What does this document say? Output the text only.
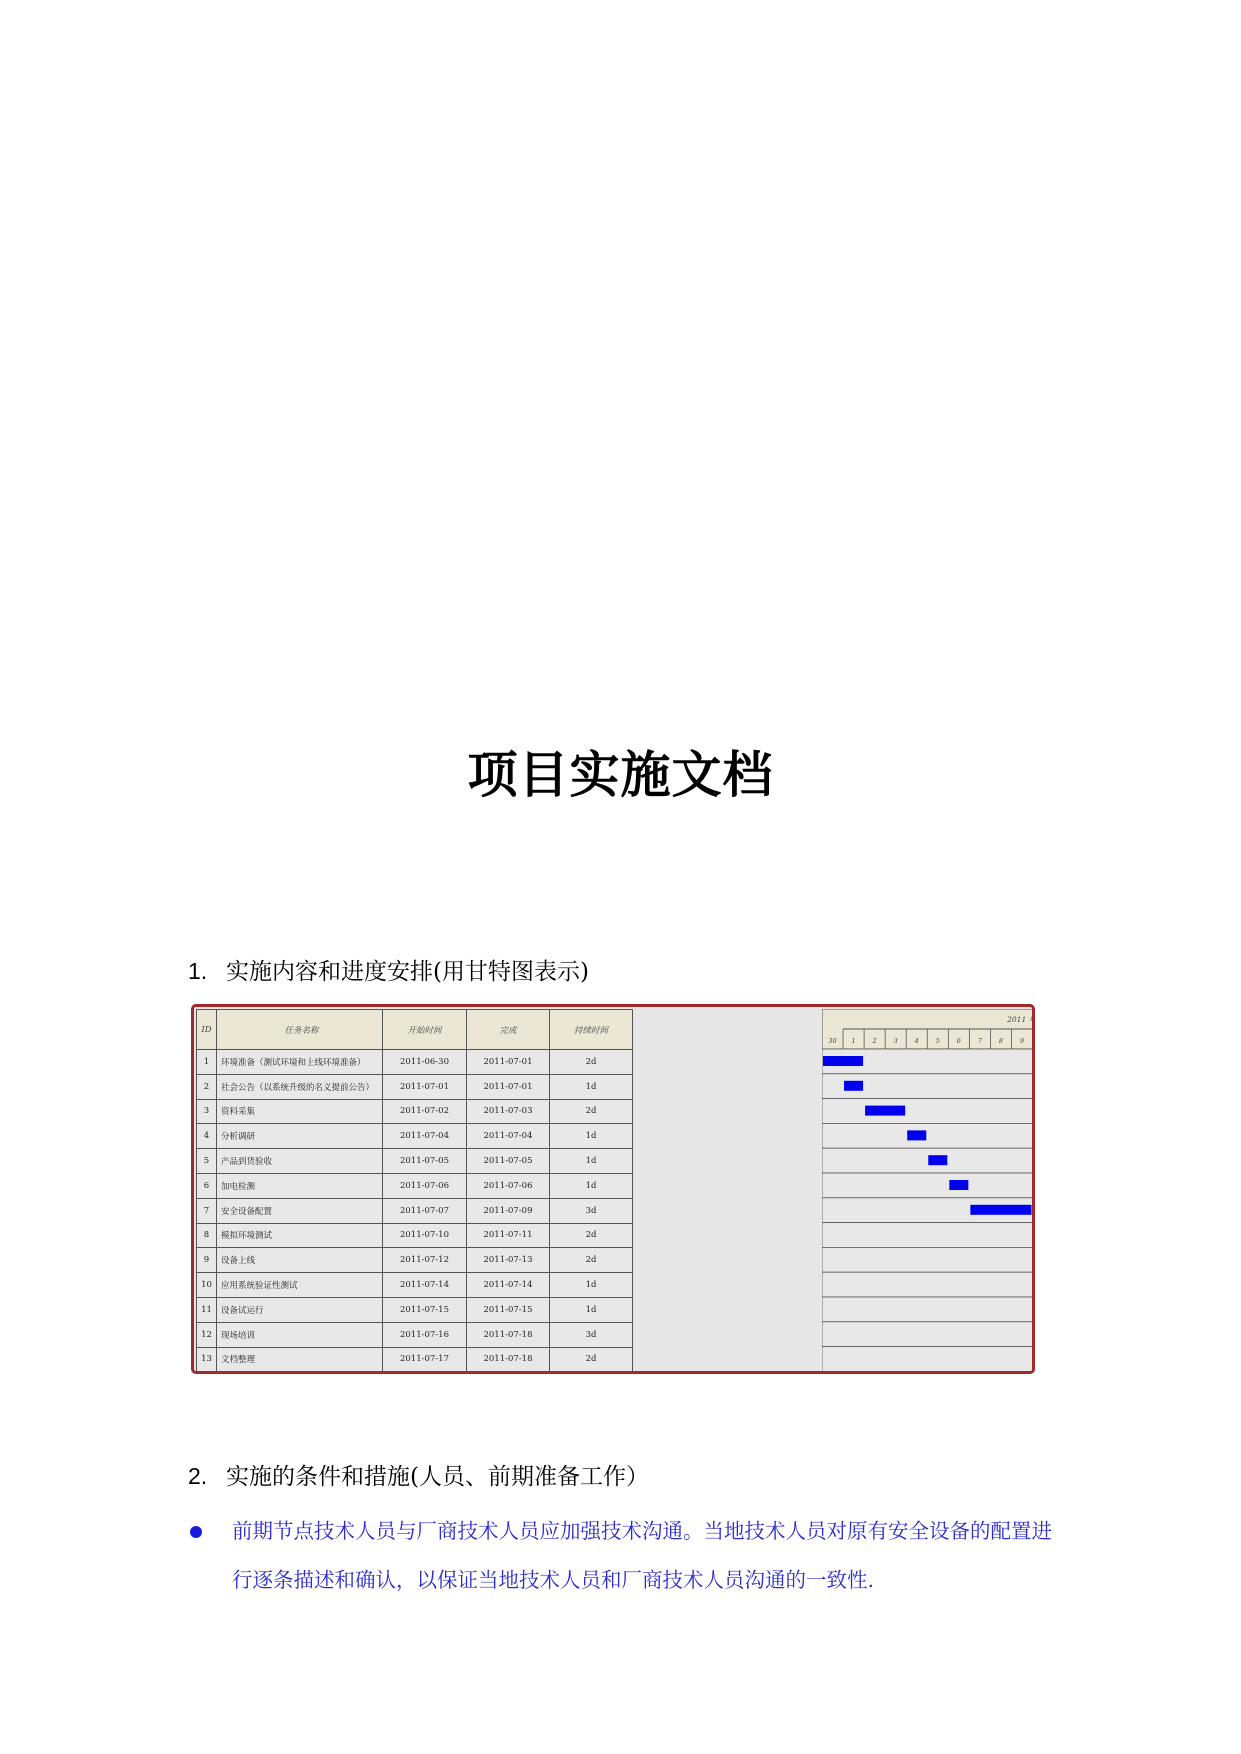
项目实施文档
1. 实施内容和进度安排(用甘特图表示)
ID	任务名称	开始时间	完成	持续时间
1	环境准备（测试环境和上线环境准备）	2011-06-30	2011-07-01	2d
2	社会公告（以系统升级的名义提前公告）	2011-07-01	2011-07-01	1d
3	资料采集	2011-07-02	2011-07-03	2d
4	分析调研	2011-07-04	2011-07-04	1d
5	产品到货验收	2011-07-05	2011-07-05	1d
6	加电检测	2011-07-06	2011-07-06	1d
7	安全设备配置	2011-07-07	2011-07-09	3d
8	模拟环境测试	2011-07-10	2011-07-11	2d
9	设备上线	2011-07-12	2011-07-13	2d
10	应用系统验证性测试	2011-07-14	2011-07-14	1d
11	设备试运行	2011-07-15	2011-07-15	1d
12	现场培训	2011-07-16	2011-07-18	3d
13	文档整理	2011-07-17	2011-07-18	2d
2011 年 07 月
30 1	2	3	4	5	6	7	8	9 10 11 12 13 14 15 16 17 18
2. 实施的条件和措施(人员、前期准备工作）
前期节点技术人员与厂商技术人员应加强技术沟通。当地技术人员对原有安全设备的配置进行逐条描述和确认，以保证当地技术人员和厂商技术人员沟通的一致性.
